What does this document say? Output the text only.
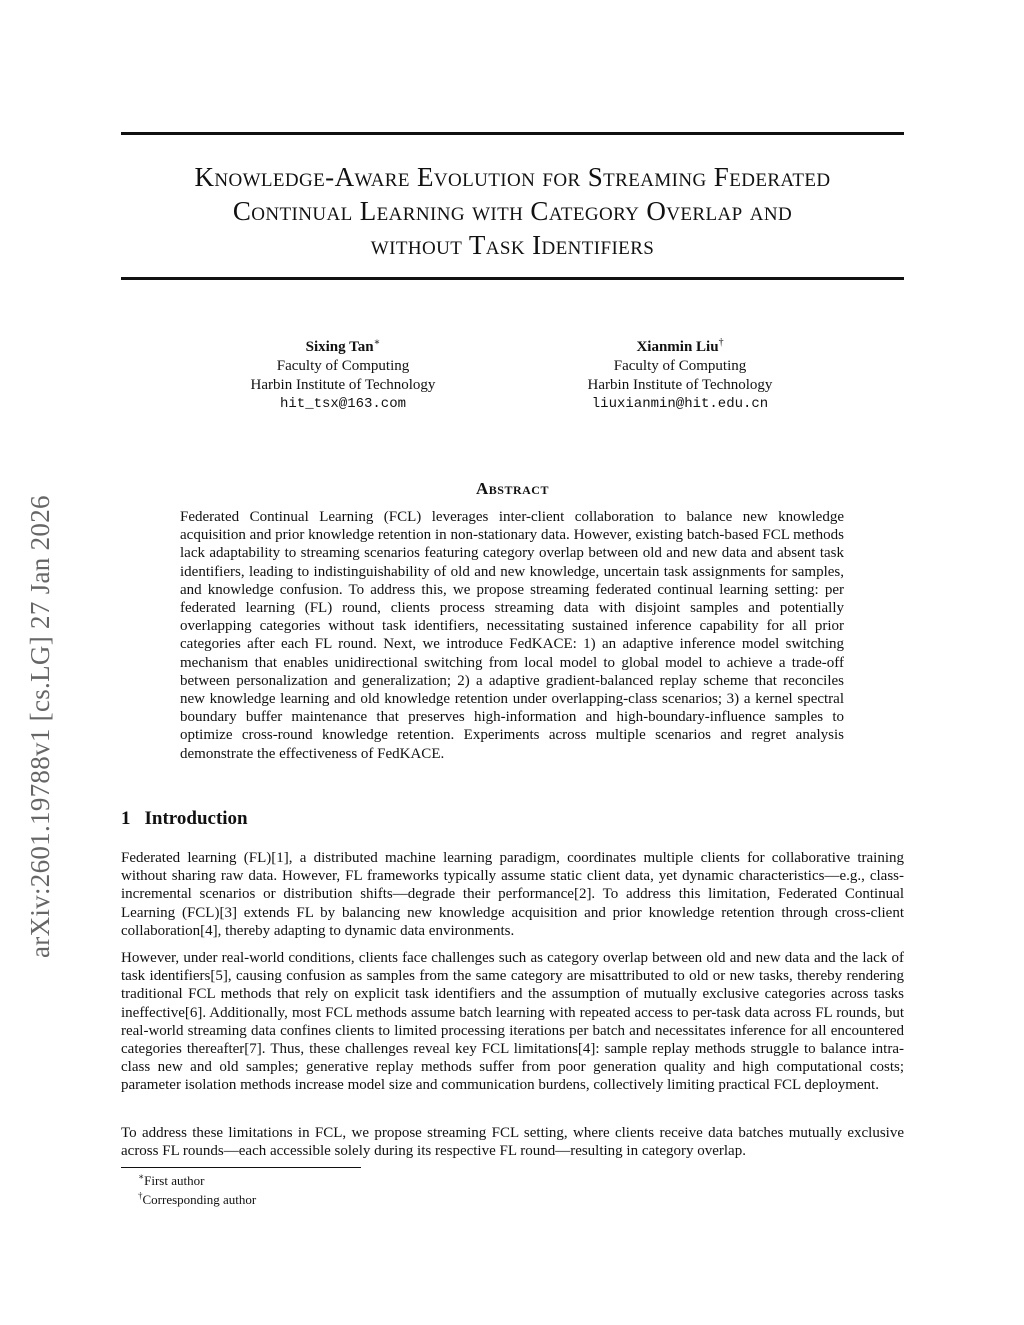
arXiv:2601.19788v1 [cs.LG] 27 Jan 2026
Knowledge-Aware Evolution for Streaming Federated
Continual Learning with Category Overlap and
without Task Identifiers
Sixing Tan∗
Faculty of Computing
Harbin Institute of Technology
hit_tsx@163.com
Xianmin Liu†
Faculty of Computing
Harbin Institute of Technology
liuxianmin@hit.edu.cn
Abstract

Federated Continual Learning (FCL) leverages inter-client collaboration to balance new knowledge acquisition and prior knowledge retention in non-stationary data. However, existing batch-based FCL methods lack adaptability to streaming scenarios featuring category overlap between old and new data and absent task identifiers, leading to indistinguishability of old and new knowledge, uncertain task assignments for samples, and knowledge confusion. To address this, we propose streaming federated continual learning setting: per federated learning (FL) round, clients process streaming data with disjoint samples and potentially overlapping categories without task identifiers, necessitating sustained inference capability for all prior categories after each FL round. Next, we introduce FedKACE: 1) an adaptive inference model switching mechanism that enables unidirectional switching from local model to global model to achieve a trade-off between personalization and generalization; 2) a adaptive gradient-balanced replay scheme that reconciles new knowledge learning and old knowledge retention under overlapping-class scenarios; 3) a kernel spectral boundary buffer maintenance that preserves high-information and high-boundary-influence samples to optimize cross-round knowledge retention. Experiments across multiple scenarios and regret analysis demonstrate the effectiveness of FedKACE.

1 Introduction

Federated learning (FL)[1], a distributed machine learning paradigm, coordinates multiple clients for collaborative training without sharing raw data. However, FL frameworks typically assume static client data, yet dynamic characteristics—e.g., class-incremental scenarios or distribution shifts—degrade their performance[2]. To address this limitation, Federated Continual Learning (FCL)[3] extends FL by balancing new knowledge acquisition and prior knowledge retention through cross-client collaboration[4], thereby adapting to dynamic data environments.

However, under real-world conditions, clients face challenges such as category overlap between old and new data and the lack of task identifiers[5], causing confusion as samples from the same category are misattributed to old or new tasks, thereby rendering traditional FCL methods that rely on explicit task identifiers and the assumption of mutually exclusive categories across tasks ineffective[6]. Additionally, most FCL methods assume batch learning with repeated access to per-task data across FL rounds, but real-world streaming data confines clients to limited processing iterations per batch and necessitates inference for all encountered categories thereafter[7]. Thus, these challenges reveal key FCL limitations[4]: sample replay methods struggle to balance intra-class new and old samples; generative replay methods suffer from poor generation quality and high computational costs; parameter isolation methods increase model size and communication burdens, collectively limiting practical FCL deployment.

To address these limitations in FCL, we propose streaming FCL setting, where clients receive data batches mutually exclusive across FL rounds—each accessible solely during its respective FL round—resulting in category overlap.

∗First author
†Corresponding author
